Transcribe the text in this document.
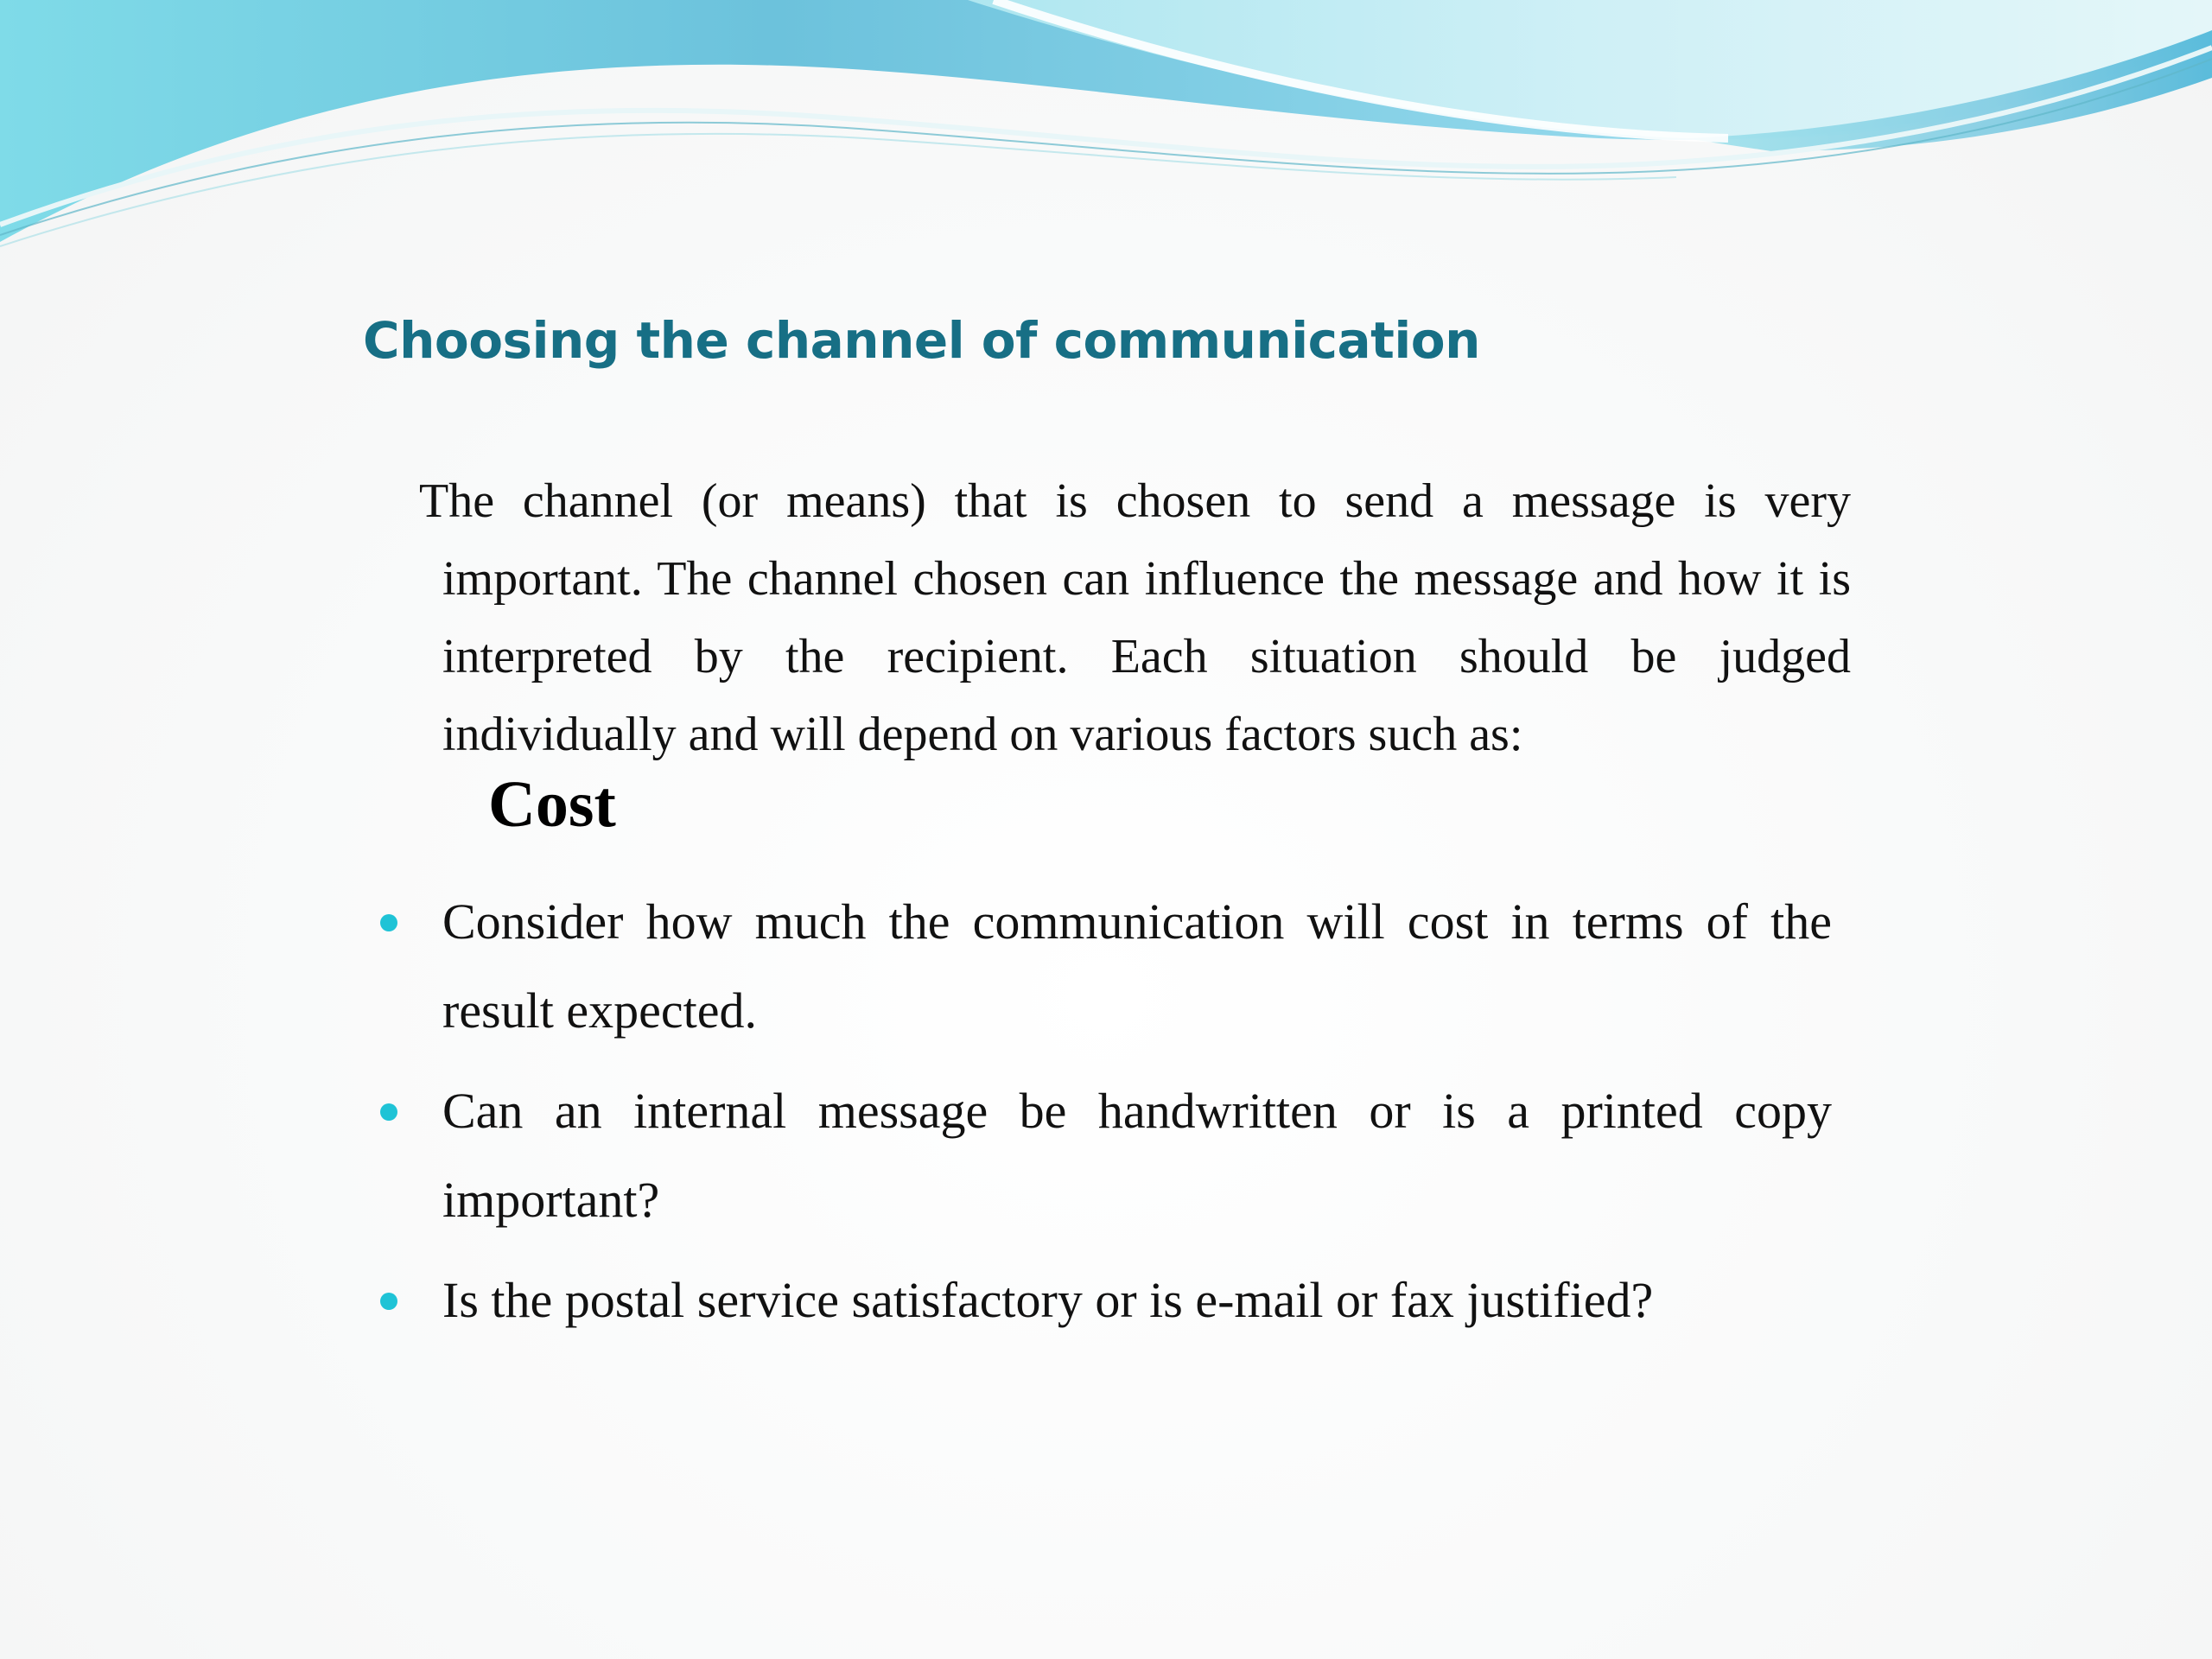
Choosing the channel of communication

The channel (or means) that is chosen to send a message is very important. The channel chosen can influence the message and how it is interpreted by the recipient. Each situation should be judged individually and will depend on various factors such as:

Cost
Consider how much the communication will cost in terms of the result expected.
Can an internal message be handwritten or is a printed copy important?
Is the postal service satisfactory or is e-mail or fax justified?
